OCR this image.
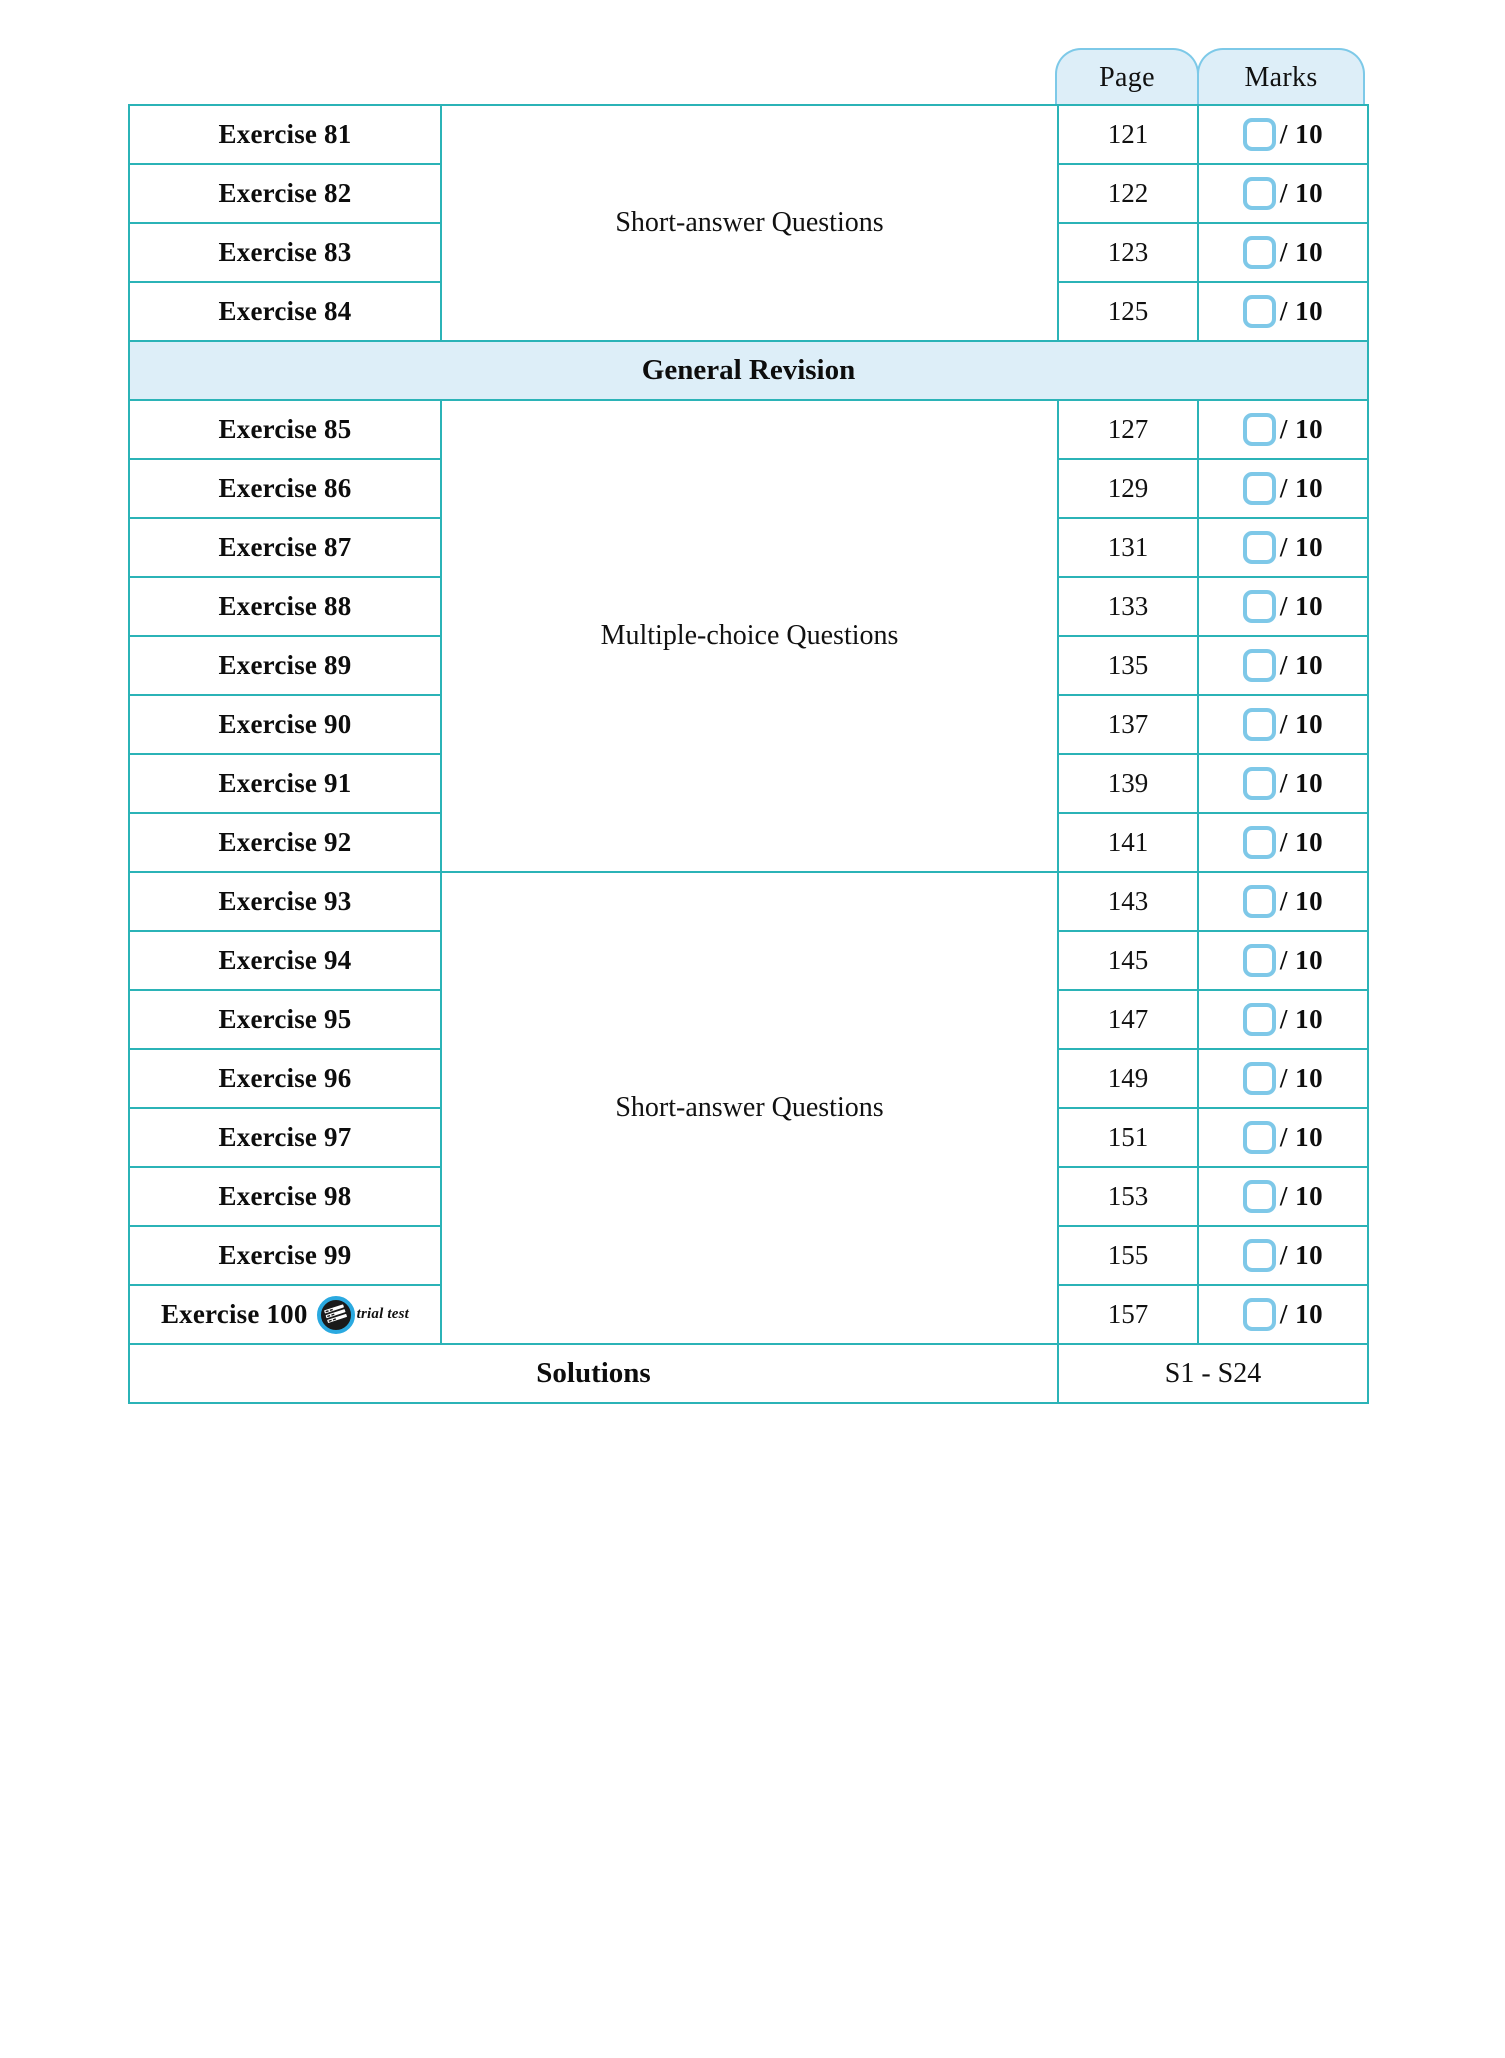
Page	Marks
Exercise 81	Short-answer Questions	121	/ 10

Exercise 82		122	/ 10

Exercise 83		123	/ 10

Exercise 84		125	/ 10

General Revision			
Exercise 85	Multiple-choice Questions	127	/ 10

Exercise 86		129	/ 10

Exercise 87		131	/ 10

Exercise 88		133	/ 10

Exercise 89		135	/ 10

Exercise 90		137	/ 10

Exercise 91		139	/ 10

Exercise 92		141	/ 10

Exercise 93	Short-answer Questions	143	/ 10

Exercise 94		145	/ 10

Exercise 95		147	/ 10

Exercise 96		149	/ 10

Exercise 97		151	/ 10

Exercise 98		153	/ 10

Exercise 99		155	/ 10

Exercise 100 trial test		157	/ 10

Solutions		S1 - S24	
